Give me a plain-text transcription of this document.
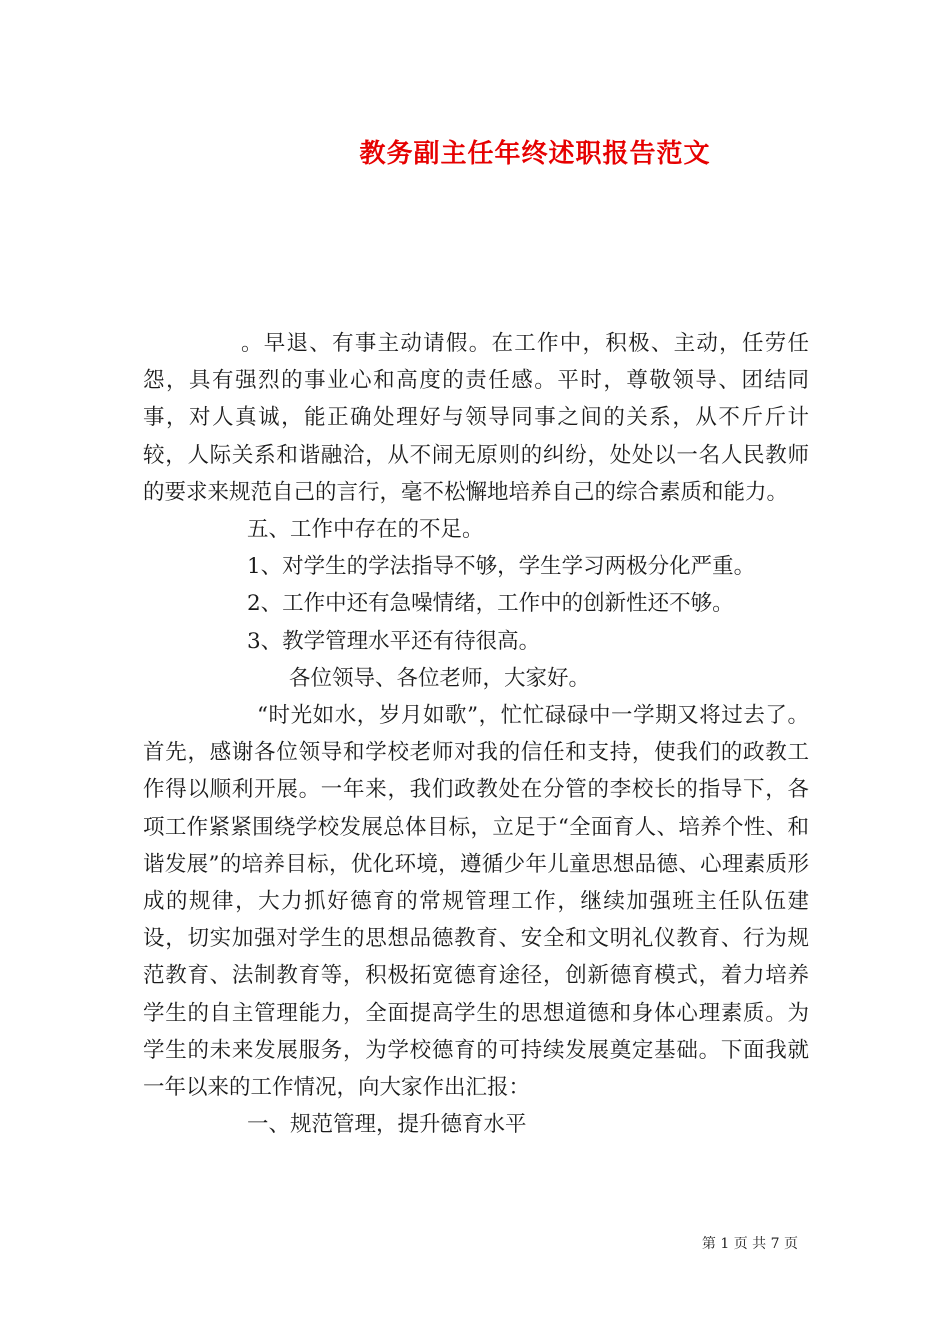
教务副主任年终述职报告范文

。早退、有事主动请假。在工作中，积极、主动，任劳任怨，具有强烈的事业心和高度的责任感。平时，尊敬领导、团结同事，对人真诚，能正确处理好与领导同事之间的关系，从不斤斤计较，人际关系和谐融洽，从不闹无原则的纠纷，处处以一名人民教师的要求来规范自己的言行，毫不松懈地培养自己的综合素质和能力。

五、工作中存在的不足。

1、对学生的学法指导不够，学生学习两极分化严重。

2、工作中还有急噪情绪，工作中的创新性还不够。

3、教学管理水平还有待很高。

各位领导、各位老师，大家好。

“时光如水，岁月如歌”，忙忙碌碌中一学期又将过去了。首先，感谢各位领导和学校老师对我的信任和支持，使我们的政教工作得以顺利开展。一年来，我们政教处在分管的李校长的指导下，各项工作紧紧围绕学校发展总体目标，立足于“全面育人、培养个性、和谐发展”的培养目标，优化环境，遵循少年儿童思想品德、心理素质形成的规律，大力抓好德育的常规管理工作，继续加强班主任队伍建设，切实加强对学生的思想品德教育、安全和文明礼仪教育、行为规范教育、法制教育等，积极拓宽德育途径，创新德育模式，着力培养学生的自主管理能力，全面提高学生的思想道德和身体心理素质。为学生的未来发展服务，为学校德育的可持续发展奠定基础。下面我就一年以来的工作情况，向大家作出汇报：

一、规范管理，提升德育水平

第 1 页 共 7 页
